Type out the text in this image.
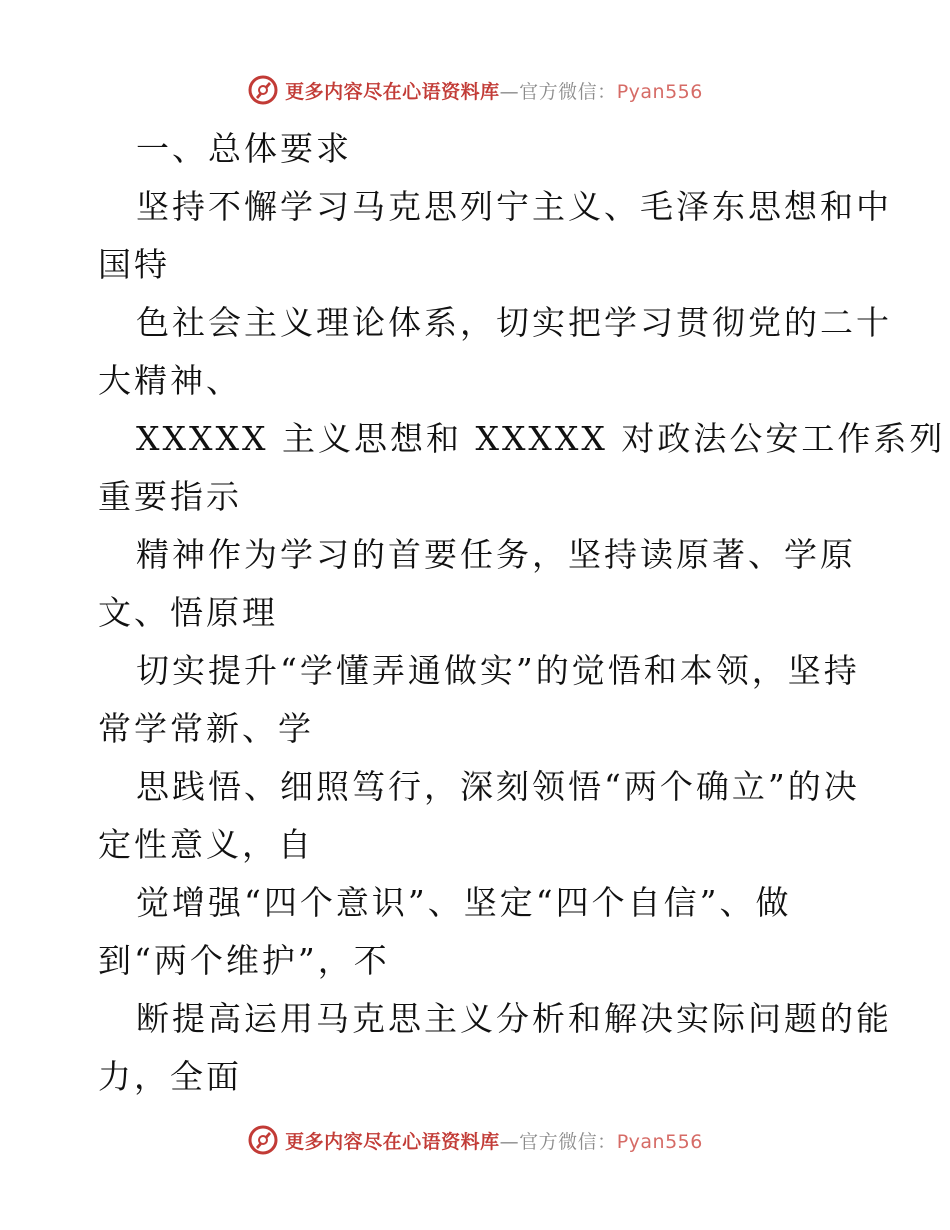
更多内容尽在心语资料库—官方微信：Pyan556
一、总体要求
坚持不懈学习马克思列宁主义、毛泽东思想和中
国特
色社会主义理论体系，切实把学习贯彻党的二十
大精神、
XXXXX 主义思想和 XXXXX 对政法公安工作系列
重要指示
精神作为学习的首要任务，坚持读原著、学原
文、悟原理
切实提升“学懂弄通做实”的觉悟和本领，坚持
常学常新、学
思践悟、细照笃行，深刻领悟“两个确立”的决
定性意义，自
觉增强“四个意识”、坚定“四个自信”、做
到“两个维护”，不
断提高运用马克思主义分析和解决实际问题的能
力，全面
更多内容尽在心语资料库—官方微信：Pyan556
